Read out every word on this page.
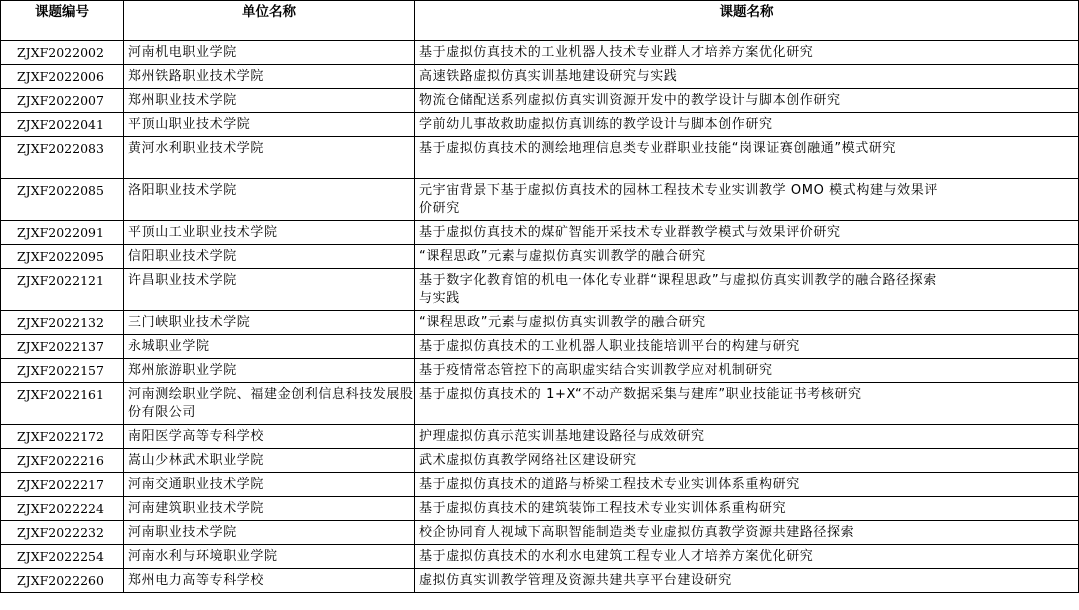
课题编号	单位名称	课题名称
ZJXF2022002	河南机电职业学院	基于虚拟仿真技术的工业机器人技术专业群人才培养方案优化研究

ZJXF2022006	郑州铁路职业技术学院	高速铁路虚拟仿真实训基地建设研究与实践

ZJXF2022007	郑州职业技术学院	物流仓储配送系列虚拟仿真实训资源开发中的教学设计与脚本创作研究

ZJXF2022041	平顶山职业技术学院	学前幼儿事故救助虚拟仿真训练的教学设计与脚本创作研究

ZJXF2022083	黄河水利职业技术学院	基于虚拟仿真技术的测绘地理信息类专业群职业技能“岗课证赛创融通”模式研究

ZJXF2022085	洛阳职业技术学院	元宇宙背景下基于虚拟仿真技术的园林工程技术专业实训教学 OMO 模式构建与效果评价研究

ZJXF2022091	平顶山工业职业技术学院	基于虚拟仿真技术的煤矿智能开采技术专业群教学模式与效果评价研究

ZJXF2022095	信阳职业技术学院	“课程思政”元素与虚拟仿真实训教学的融合研究

ZJXF2022121	许昌职业技术学院	基于数字化教育馆的机电一体化专业群“课程思政”与虚拟仿真实训教学的融合路径探索与实践

ZJXF2022132	三门峡职业技术学院	“课程思政”元素与虚拟仿真实训教学的融合研究

ZJXF2022137	永城职业学院	基于虚拟仿真技术的工业机器人职业技能培训平台的构建与研究

ZJXF2022157	郑州旅游职业学院	基于疫情常态管控下的高职虚实结合实训教学应对机制研究

ZJXF2022161	河南测绘职业学院、福建金创利信息科技发展股份有限公司	基于虚拟仿真技术的 1+X“不动产数据采集与建库”职业技能证书考核研究

ZJXF2022172	南阳医学高等专科学校	护理虚拟仿真示范实训基地建设路径与成效研究

ZJXF2022216	嵩山少林武术职业学院	武术虚拟仿真教学网络社区建设研究

ZJXF2022217	河南交通职业技术学院	基于虚拟仿真技术的道路与桥梁工程技术专业实训体系重构研究

ZJXF2022224	河南建筑职业技术学院	基于虚拟仿真技术的建筑装饰工程技术专业实训体系重构研究

ZJXF2022232	河南职业技术学院	校企协同育人视域下高职智能制造类专业虚拟仿真教学资源共建路径探索

ZJXF2022254	河南水利与环境职业学院	基于虚拟仿真技术的水利水电建筑工程专业人才培养方案优化研究

ZJXF2022260	郑州电力高等专科学校	虚拟仿真实训教学管理及资源共建共享平台建设研究
